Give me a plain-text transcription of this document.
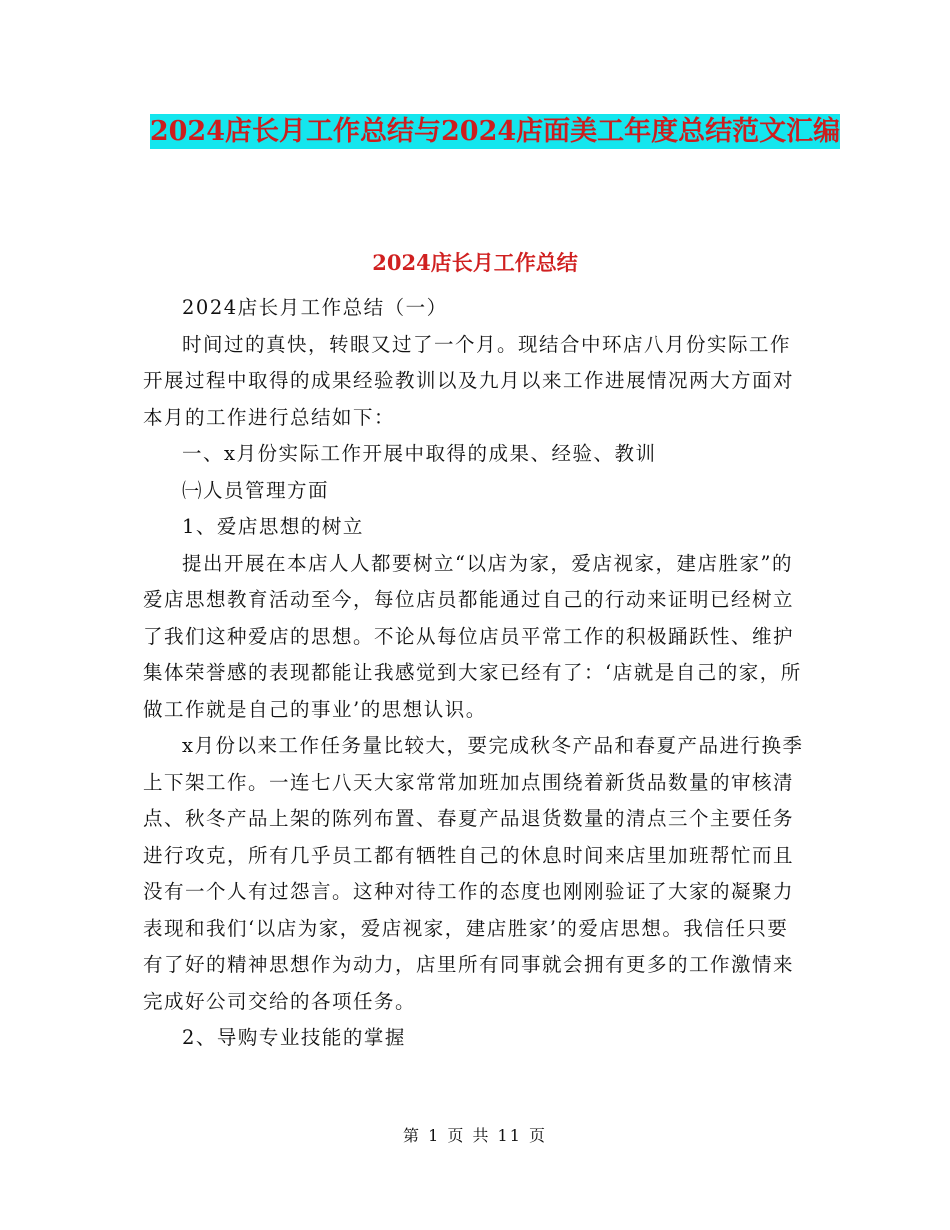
2024店长月工作总结与2024店面美工年度总结范文汇编
2024店长月工作总结

2024店长月工作总结（一）

时间过的真快，转眼又过了一个月。现结合中环店八月份实际工作开展过程中取得的成果经验教训以及九月以来工作进展情况两大方面对本月的工作进行总结如下：

一、x月份实际工作开展中取得的成果、经验、教训

㈠人员管理方面

1、爱店思想的树立

提出开展在本店人人都要树立“以店为家，爱店视家，建店胜家”的爱店思想教育活动至今，每位店员都能通过自己的行动来证明已经树立了我们这种爱店的思想。不论从每位店员平常工作的积极踊跃性、维护集体荣誉感的表现都能让我感觉到大家已经有了：‘店就是自己的家，所做工作就是自己的事业’的思想认识。

x月份以来工作任务量比较大，要完成秋冬产品和春夏产品进行换季上下架工作。一连七八天大家常常加班加点围绕着新货品数量的审核清点、秋冬产品上架的陈列布置、春夏产品退货数量的清点三个主要任务进行攻克，所有几乎员工都有牺牲自己的休息时间来店里加班帮忙而且没有一个人有过怨言。这种对待工作的态度也刚刚验证了大家的凝聚力表现和我们‘以店为家，爱店视家，建店胜家’的爱店思想。我信任只要有了好的精神思想作为动力，店里所有同事就会拥有更多的工作激情来完成好公司交给的各项任务。

2、导购专业技能的掌握

第 1 页 共 11 页
